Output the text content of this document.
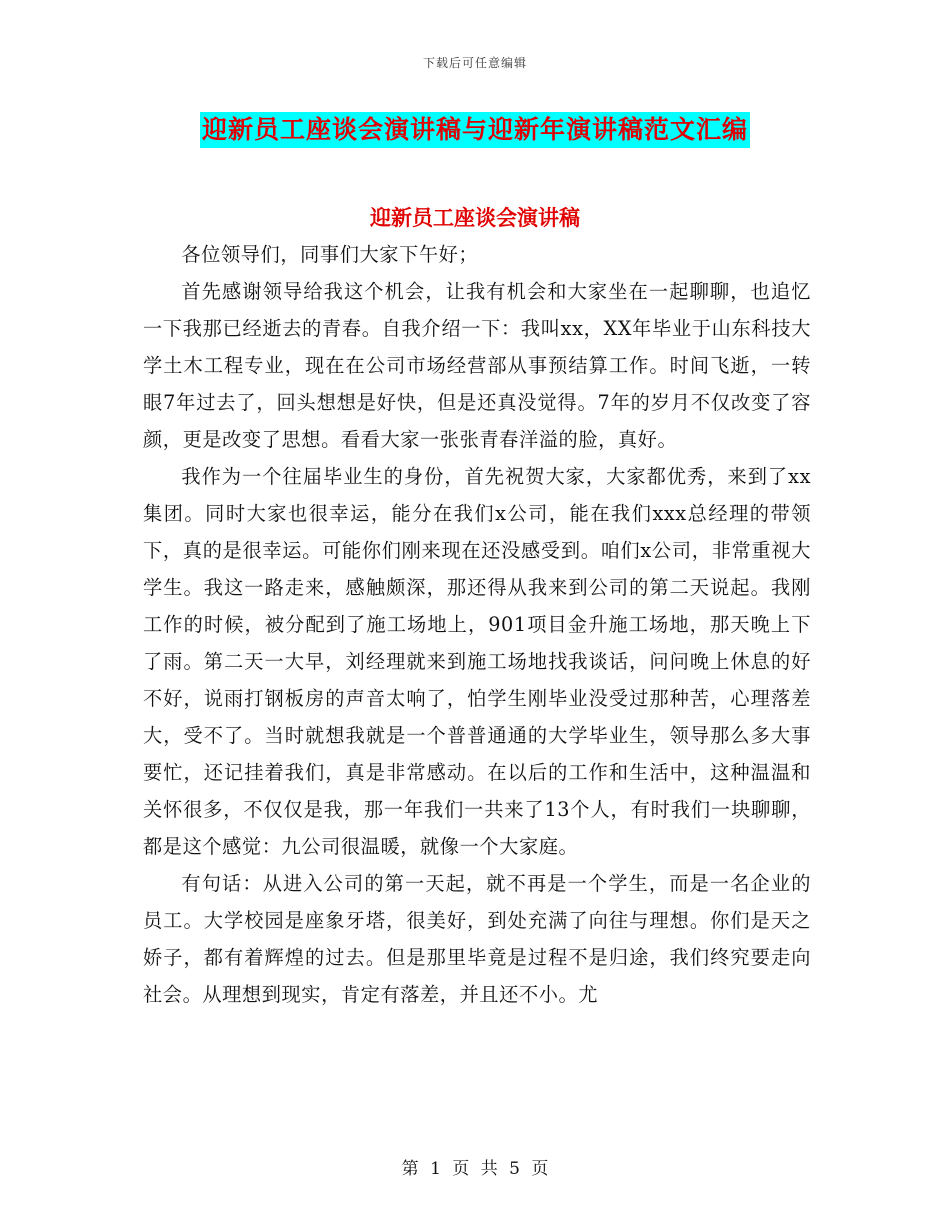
下载后可任意编辑
迎新员工座谈会演讲稿与迎新年演讲稿范文汇编
迎新员工座谈会演讲稿

各位领导们，同事们大家下午好；

首先感谢领导给我这个机会，让我有机会和大家坐在一起聊聊，也追忆一下我那已经逝去的青春。自我介绍一下：我叫xx，XX年毕业于山东科技大学土木工程专业，现在在公司市场经营部从事预结算工作。时间飞逝，一转眼7年过去了，回头想想是好快，但是还真没觉得。7年的岁月不仅改变了容颜，更是改变了思想。看看大家一张张青春洋溢的脸，真好。

我作为一个往届毕业生的身份，首先祝贺大家，大家都优秀，来到了xx集团。同时大家也很幸运，能分在我们x公司，能在我们xxx总经理的带领下，真的是很幸运。可能你们刚来现在还没感受到。咱们x公司，非常重视大学生。我这一路走来，感触颇深，那还得从我来到公司的第二天说起。我刚工作的时候，被分配到了施工场地上，901项目金升施工场地，那天晚上下了雨。第二天一大早，刘经理就来到施工场地找我谈话，问问晚上休息的好不好，说雨打钢板房的声音太响了，怕学生刚毕业没受过那种苦，心理落差大，受不了。当时就想我就是一个普普通通的大学毕业生，领导那么多大事要忙，还记挂着我们，真是非常感动。在以后的工作和生活中，这种温温和关怀很多，不仅仅是我，那一年我们一共来了13个人，有时我们一块聊聊，都是这个感觉：九公司很温暖，就像一个大家庭。

有句话：从进入公司的第一天起，就不再是一个学生，而是一名企业的员工。大学校园是座象牙塔，很美好，到处充满了向往与理想。你们是天之娇子，都有着辉煌的过去。但是那里毕竟是过程不是归途，我们终究要走向社会。从理想到现实，肯定有落差，并且还不小。尤

第 1 页 共 5 页
